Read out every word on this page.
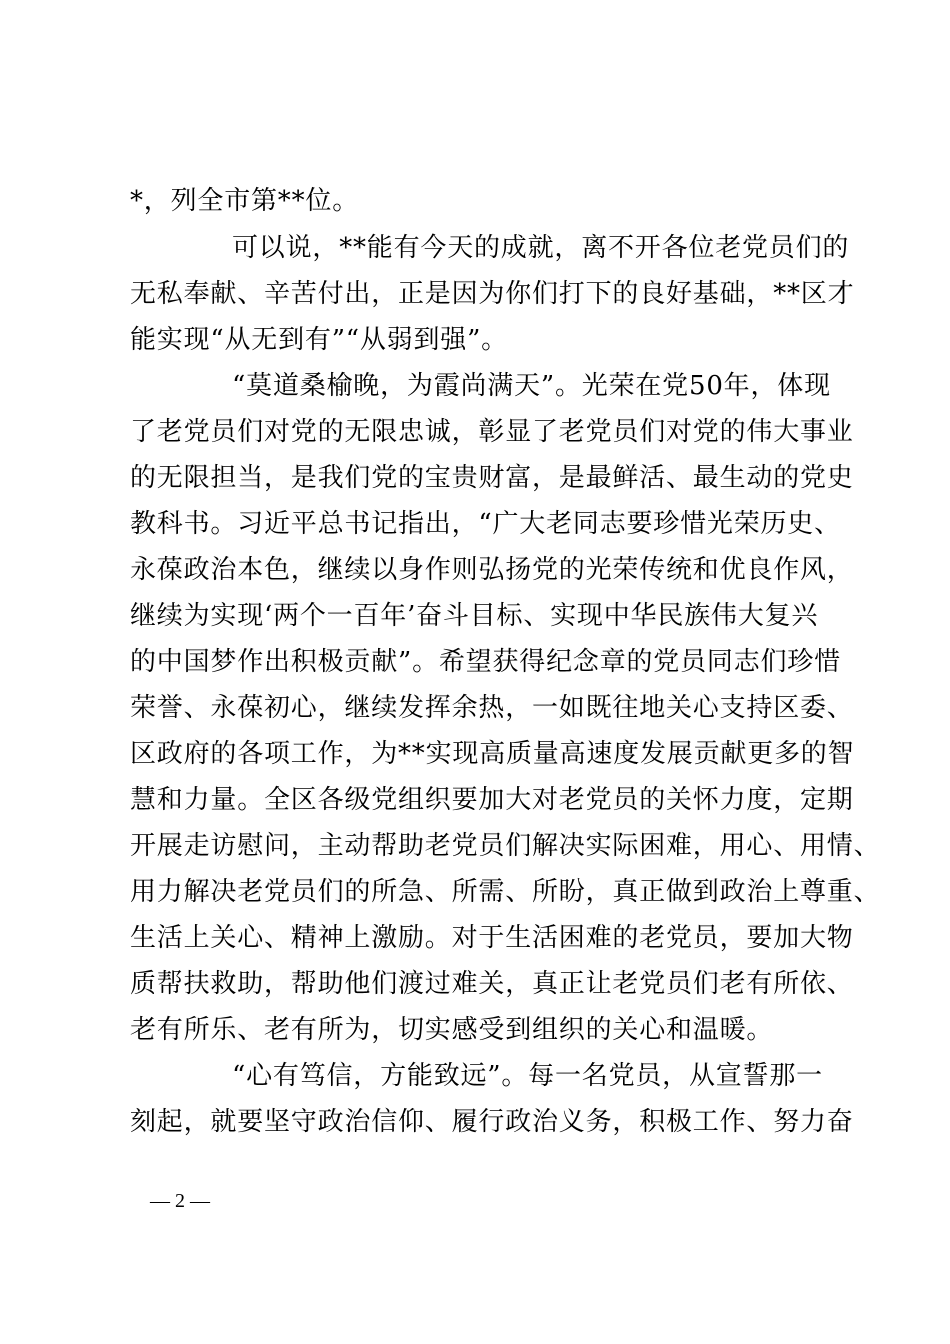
*，列全市第**位。
可以说，**能有今天的成就，离不开各位老党员们的
无私奉献、辛苦付出，正是因为你们打下的良好基础，**区才
能实现“从无到有”“从弱到强”。
“莫道桑榆晚，为霞尚满天”。光荣在党50年，体现
了老党员们对党的无限忠诚，彰显了老党员们对党的伟大事业
的无限担当，是我们党的宝贵财富，是最鲜活、最生动的党史
教科书。习近平总书记指出，“广大老同志要珍惜光荣历史、
永葆政治本色，继续以身作则弘扬党的光荣传统和优良作风，
继续为实现‘两个一百年’奋斗目标、实现中华民族伟大复兴
的中国梦作出积极贡献”。希望获得纪念章的党员同志们珍惜
荣誉、永葆初心，继续发挥余热，一如既往地关心支持区委、
区政府的各项工作，为**实现高质量高速度发展贡献更多的智
慧和力量。全区各级党组织要加大对老党员的关怀力度，定期
开展走访慰问，主动帮助老党员们解决实际困难，用心、用情、
用力解决老党员们的所急、所需、所盼，真正做到政治上尊重、
生活上关心、精神上激励。对于生活困难的老党员，要加大物
质帮扶救助，帮助他们渡过难关，真正让老党员们老有所依、
老有所乐、老有所为，切实感受到组织的关心和温暖。
“心有笃信，方能致远”。每一名党员，从宣誓那一
刻起，就要坚守政治信仰、履行政治义务，积极工作、努力奋
— 2 —
